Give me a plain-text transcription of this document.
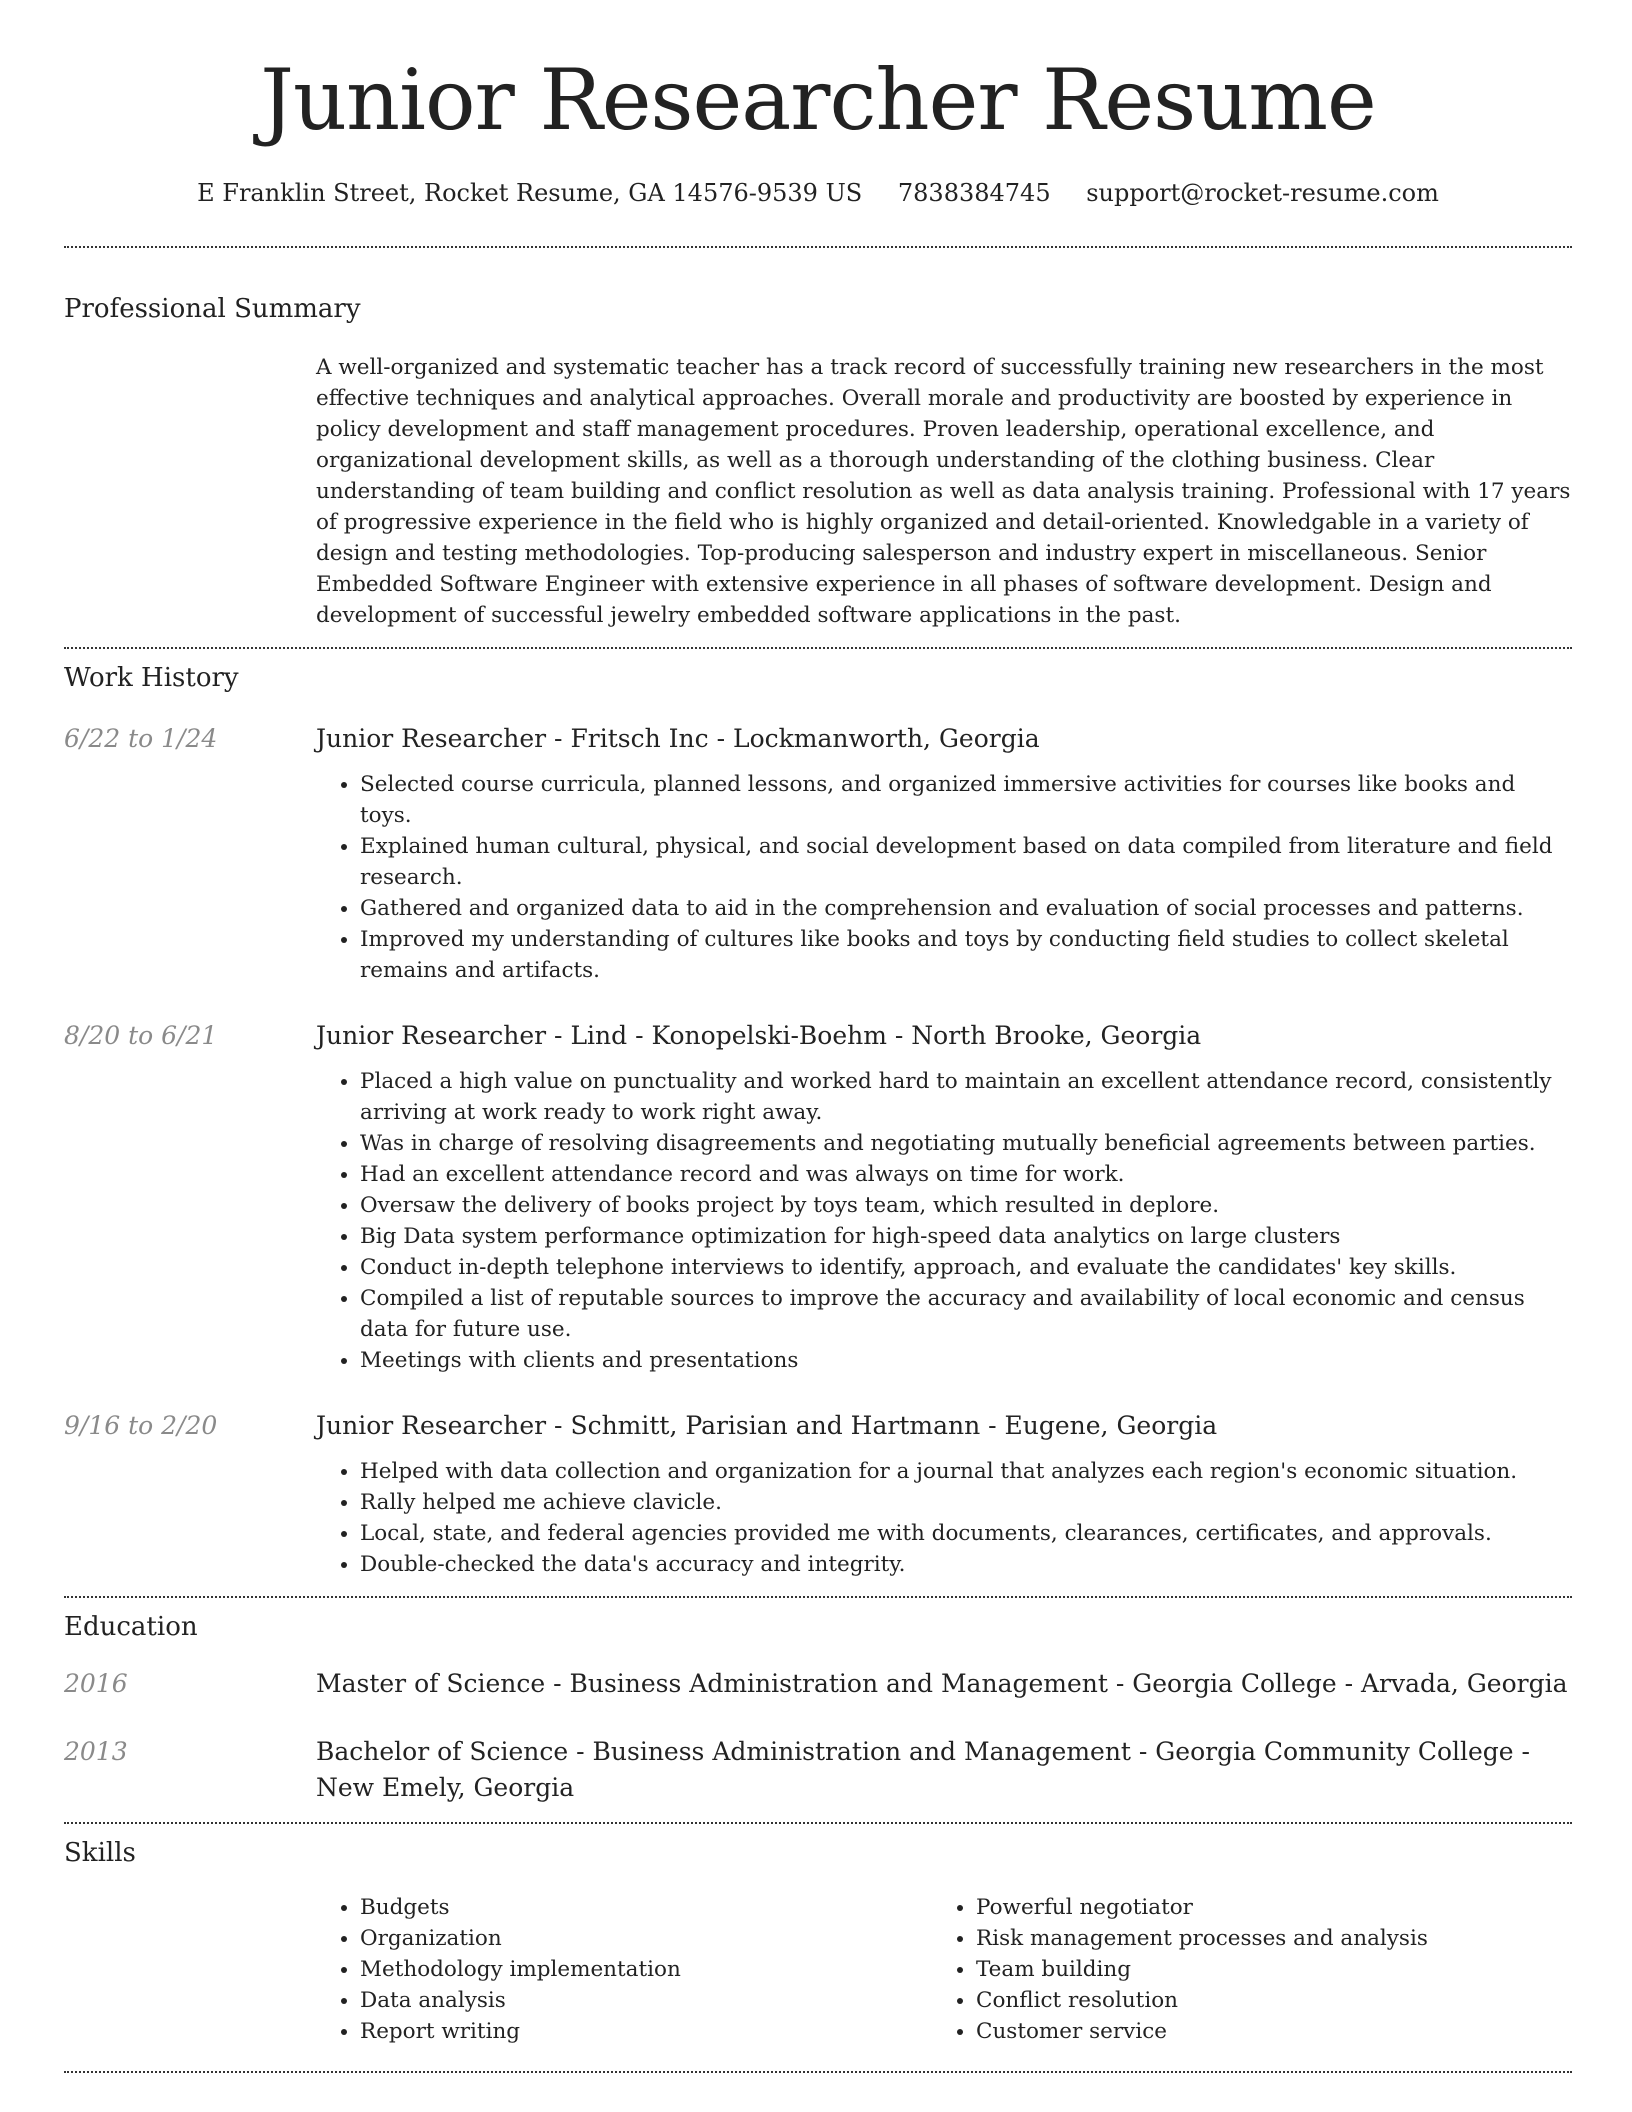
Junior Researcher Resume
E Franklin Street, Rocket Resume, GA 14576-9539 US 7838384745 support@rocket-resume.com
Professional Summary

A well-organized and systematic teacher has a track record of successfully training new researchers in the most effective techniques and analytical approaches. Overall morale and productivity are boosted by experience in policy development and staff management procedures. Proven leadership, operational excellence, and organizational development skills, as well as a thorough understanding of the clothing business. Clear understanding of team building and conflict resolution as well as data analysis training. Professional with 17 years of progressive experience in the field who is highly organized and detail-oriented. Knowledgable in a variety of design and testing methodologies. Top-producing salesperson and industry expert in miscellaneous. Senior Embedded Software Engineer with extensive experience in all phases of software development. Design and development of successful jewelry embedded software applications in the past.

Work History
6/22 to 1/24	Junior Researcher - Fritsch Inc - Lockmanworth, Georgia
• Selected course curricula, planned lessons, and organized immersive activities for courses like books and toys.
• Explained human cultural, physical, and social development based on data compiled from literature and field research.
• Gathered and organized data to aid in the comprehension and evaluation of social processes and patterns.
• Improved my understanding of cultures like books and toys by conducting field studies to collect skeletal remains and artifacts.
8/20 to 6/21	Junior Researcher - Lind - Konopelski-Boehm - North Brooke, Georgia
• Placed a high value on punctuality and worked hard to maintain an excellent attendance record, consistently arriving at work ready to work right away.
• Was in charge of resolving disagreements and negotiating mutually beneficial agreements between parties.
• Had an excellent attendance record and was always on time for work.
• Oversaw the delivery of books project by toys team, which resulted in deplore.
• Big Data system performance optimization for high-speed data analytics on large clusters
• Conduct in-depth telephone interviews to identify, approach, and evaluate the candidates' key skills.
• Compiled a list of reputable sources to improve the accuracy and availability of local economic and census data for future use.
• Meetings with clients and presentations
9/16 to 2/20	Junior Researcher - Schmitt, Parisian and Hartmann - Eugene, Georgia
• Helped with data collection and organization for a journal that analyzes each region's economic situation.
• Rally helped me achieve clavicle.
• Local, state, and federal agencies provided me with documents, clearances, certificates, and approvals.
• Double-checked the data's accuracy and integrity.
Education
2016	Master of Science - Business Administration and Management - Georgia College - Arvada, Georgia
2013	Bachelor of Science - Business Administration and Management - Georgia Community College - New Emely, Georgia
Skills
• Budgets
• Organization
• Methodology implementation
• Data analysis
• Report writing
• Powerful negotiator
• Risk management processes and analysis
• Team building
• Conflict resolution
• Customer service
